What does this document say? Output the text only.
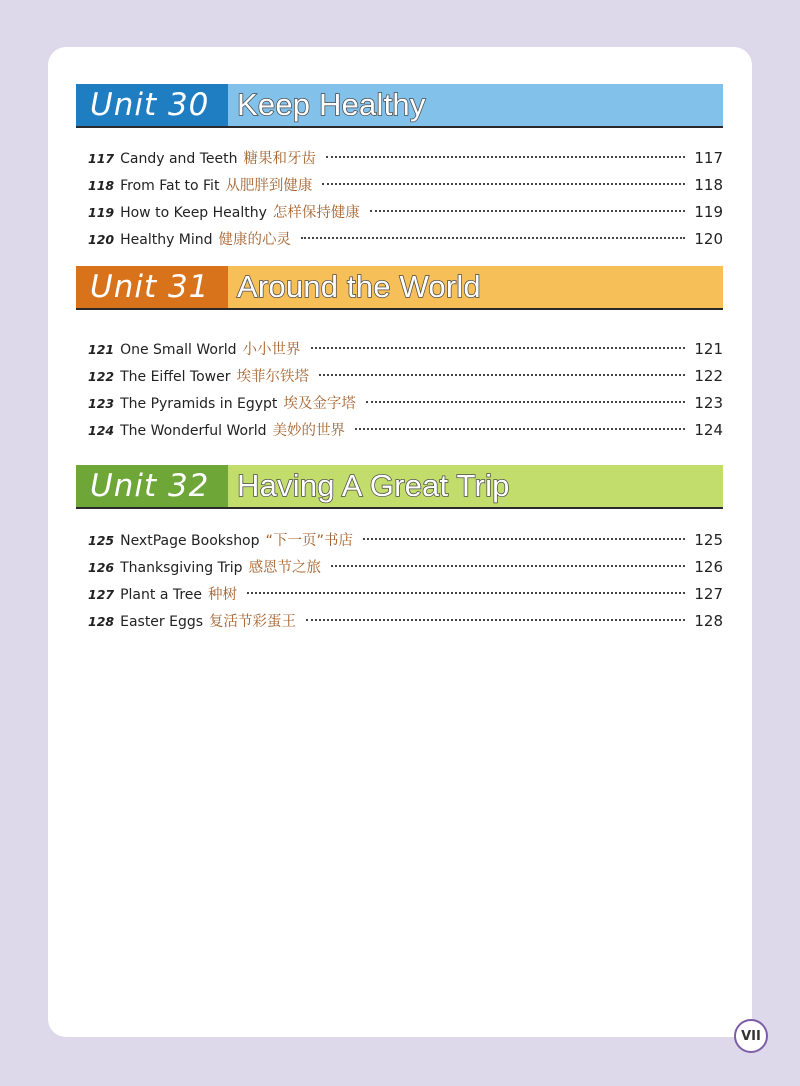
Unit 30 Keep Healthy
117 Candy and Teeth 糖果和牙齿	117
118 From Fat to Fit 从肥胖到健康	118
119 How to Keep Healthy 怎样保持健康	119
120 Healthy Mind 健康的心灵	120
Unit 31 Around the World
121 One Small World 小小世界	121
122 The Eiffel Tower 埃菲尔铁塔	122
123 The Pyramids in Egypt 埃及金字塔	123
124 The Wonderful World 美妙的世界	124
Unit 32 Having A Great Trip
125 NextPage Bookshop “下一页”书店	125
126 Thanksgiving Trip 感恩节之旅	126
127 Plant a Tree 种树	127
128 Easter Eggs 复活节彩蛋王	128
VII
